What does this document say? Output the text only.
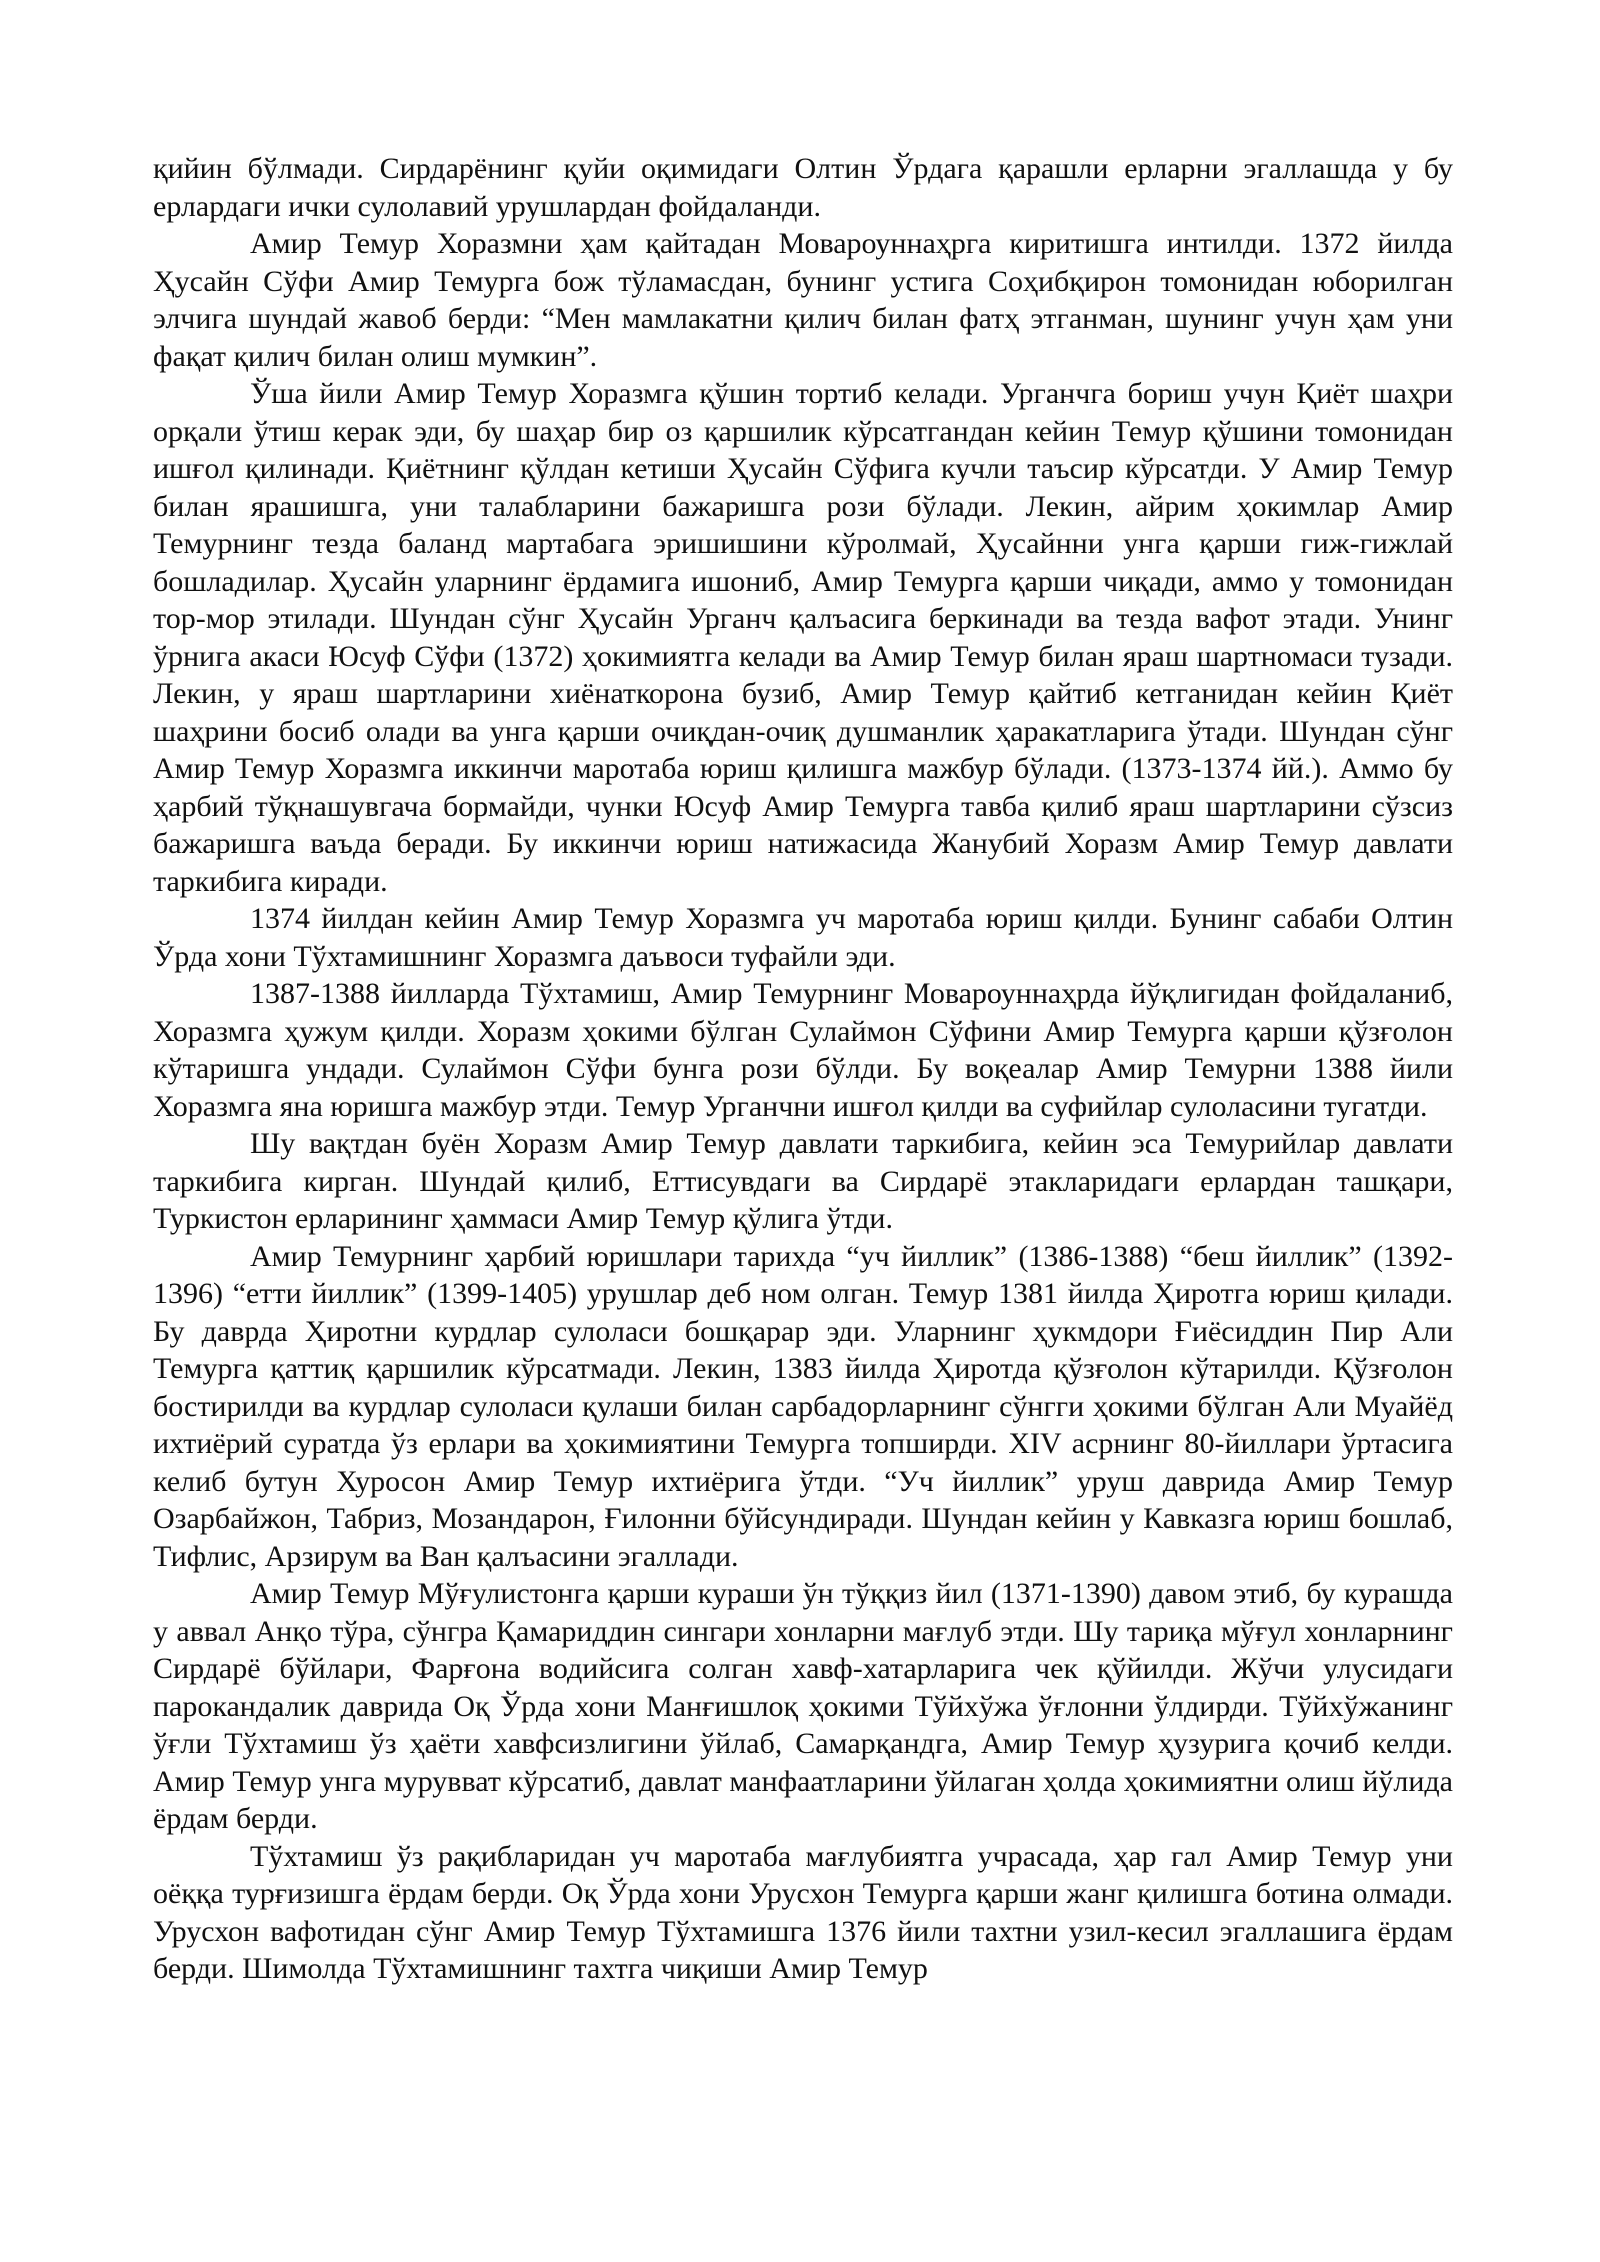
қийин бўлмади. Сирдарёнинг қуйи оқимидаги Олтин Ўрдага қарашли ерларни эгаллашда у бу ерлардаги ички сулолавий урушлардан фойдаланди.

Амир Темур Хоразмни ҳам қайтадан Мовароуннаҳрга киритишга интилди. 1372 йилда Ҳусайн Сўфи Амир Темурга бож тўламасдан, бунинг устига Соҳибқирон томонидан юборилган элчига шундай жавоб берди: “Мен мамлакатни қилич билан фатҳ этганман, шунинг учун ҳам уни фақат қилич билан олиш мумкин”.

Ўша йили Амир Темур Хоразмга қўшин тортиб келади. Урганчга бориш учун Қиёт шаҳри орқали ўтиш керак эди, бу шаҳар бир оз қаршилик кўрсатгандан кейин Темур қўшини томонидан ишғол қилинади. Қиётнинг қўлдан кетиши Ҳусайн Сўфига кучли таъсир кўрсатди. У Амир Темур билан ярашишга, уни талабларини бажаришга рози бўлади. Лекин, айрим ҳокимлар Амир Темурнинг тезда баланд мартабага эришишини кўролмай, Ҳусайнни унга қарши гиж-гижлай бошладилар. Ҳусайн уларнинг ёрдамига ишониб, Амир Темурга қарши чиқади, аммо у томонидан тор-мор этилади. Шундан сўнг Ҳусайн Урганч қалъасига беркинади ва тезда вафот этади. Унинг ўрнига акаси Юсуф Сўфи (1372) ҳокимиятга келади ва Амир Темур билан яраш шартномаси тузади. Лекин, у яраш шартларини хиёнаткорона бузиб, Амир Темур қайтиб кетганидан кейин Қиёт шаҳрини босиб олади ва унга қарши очиқдан-очиқ душманлик ҳаракатларига ўтади. Шундан сўнг Амир Темур Хоразмга иккинчи маротаба юриш қилишга мажбур бўлади. (1373-1374 йй.). Аммо бу ҳарбий тўқнашувгача бормайди, чунки Юсуф Амир Темурга тавба қилиб яраш шартларини сўзсиз бажаришга ваъда беради. Бу иккинчи юриш натижасида Жанубий Хоразм Амир Темур давлати таркибига киради.

1374 йилдан кейин Амир Темур Хоразмга уч маротаба юриш қилди. Бунинг сабаби Олтин Ўрда хони Тўхтамишнинг Хоразмга даъвоси туфайли эди.

1387-1388 йилларда Тўхтамиш, Амир Темурнинг Мовароуннаҳрда йўқлигидан фойдаланиб, Хоразмга ҳужум қилди. Хоразм ҳокими бўлган Сулаймон Сўфини Амир Темурга қарши қўзғолон кўтаришга ундади. Сулаймон Сўфи бунга рози бўлди. Бу воқеалар Амир Темурни 1388 йили Хоразмга яна юришга мажбур этди. Темур Урганчни ишғол қилди ва суфийлар сулоласини тугатди.

Шу вақтдан буён Хоразм Амир Темур давлати таркибига, кейин эса Темурийлар давлати таркибига кирган. Шундай қилиб, Еттисувдаги ва Сирдарё этакларидаги ерлардан ташқари, Туркистон ерларининг ҳаммаси Амир Темур қўлига ўтди.

Амир Темурнинг ҳарбий юришлари тарихда “уч йиллик” (1386-1388) “беш йиллик” (1392-1396) “етти йиллик” (1399-1405) урушлар деб ном олган. Темур 1381 йилда Ҳиротга юриш қилади. Бу даврда Ҳиротни курдлар сулоласи бошқарар эди. Уларнинг ҳукмдори Ғиёсиддин Пир Али Темурга қаттиқ қаршилик кўрсатмади. Лекин, 1383 йилда Ҳиротда қўзғолон кўтарилди. Қўзғолон бостирилди ва курдлар сулоласи қулаши билан сарбадорларнинг сўнгги ҳокими бўлган Али Муайёд ихтиёрий суратда ўз ерлари ва ҳокимиятини Темурга топширди. XIV асрнинг 80-йиллари ўртасига келиб бутун Хуросон Амир Темур ихтиёрига ўтди. “Уч йиллик” уруш даврида Амир Темур Озарбайжон, Табриз, Мозандарон, Ғилонни бўйсундиради. Шундан кейин у Кавказга юриш бошлаб, Тифлис, Арзирум ва Ван қалъасини эгаллади.

Амир Темур Мўғулистонга қарши кураши ўн тўққиз йил (1371-1390) давом этиб, бу курашда у аввал Анқо тўра, сўнгра Қамариддин сингари хонларни мағлуб этди. Шу тариқа мўғул хонларнинг Сирдарё бўйлари, Фарғона водийсига солган хавф-хатарларига чек қўйилди. Жўчи улусидаги парокандалик даврида Оқ Ўрда хони Манғишлоқ ҳокими Тўйхўжа ўғлонни ўлдирди. Тўйхўжанинг ўғли Тўхтамиш ўз ҳаёти хавфсизлигини ўйлаб, Самарқандга, Амир Темур ҳузурига қочиб келди. Амир Темур унга мурувват кўрсатиб, давлат манфаатларини ўйлаган ҳолда ҳокимиятни олиш йўлида ёрдам берди.

Тўхтамиш ўз рақибларидан уч маротаба мағлубиятга учрасада, ҳар гал Амир Темур уни оёққа турғизишга ёрдам берди. Оқ Ўрда хони Урусхон Темурга қарши жанг қилишга ботина олмади. Урусхон вафотидан сўнг Амир Темур Тўхтамишга 1376 йили тахтни узил-кесил эгаллашига ёрдам берди. Шимолда Тўхтамишнинг тахтга чиқиши Амир Темур
